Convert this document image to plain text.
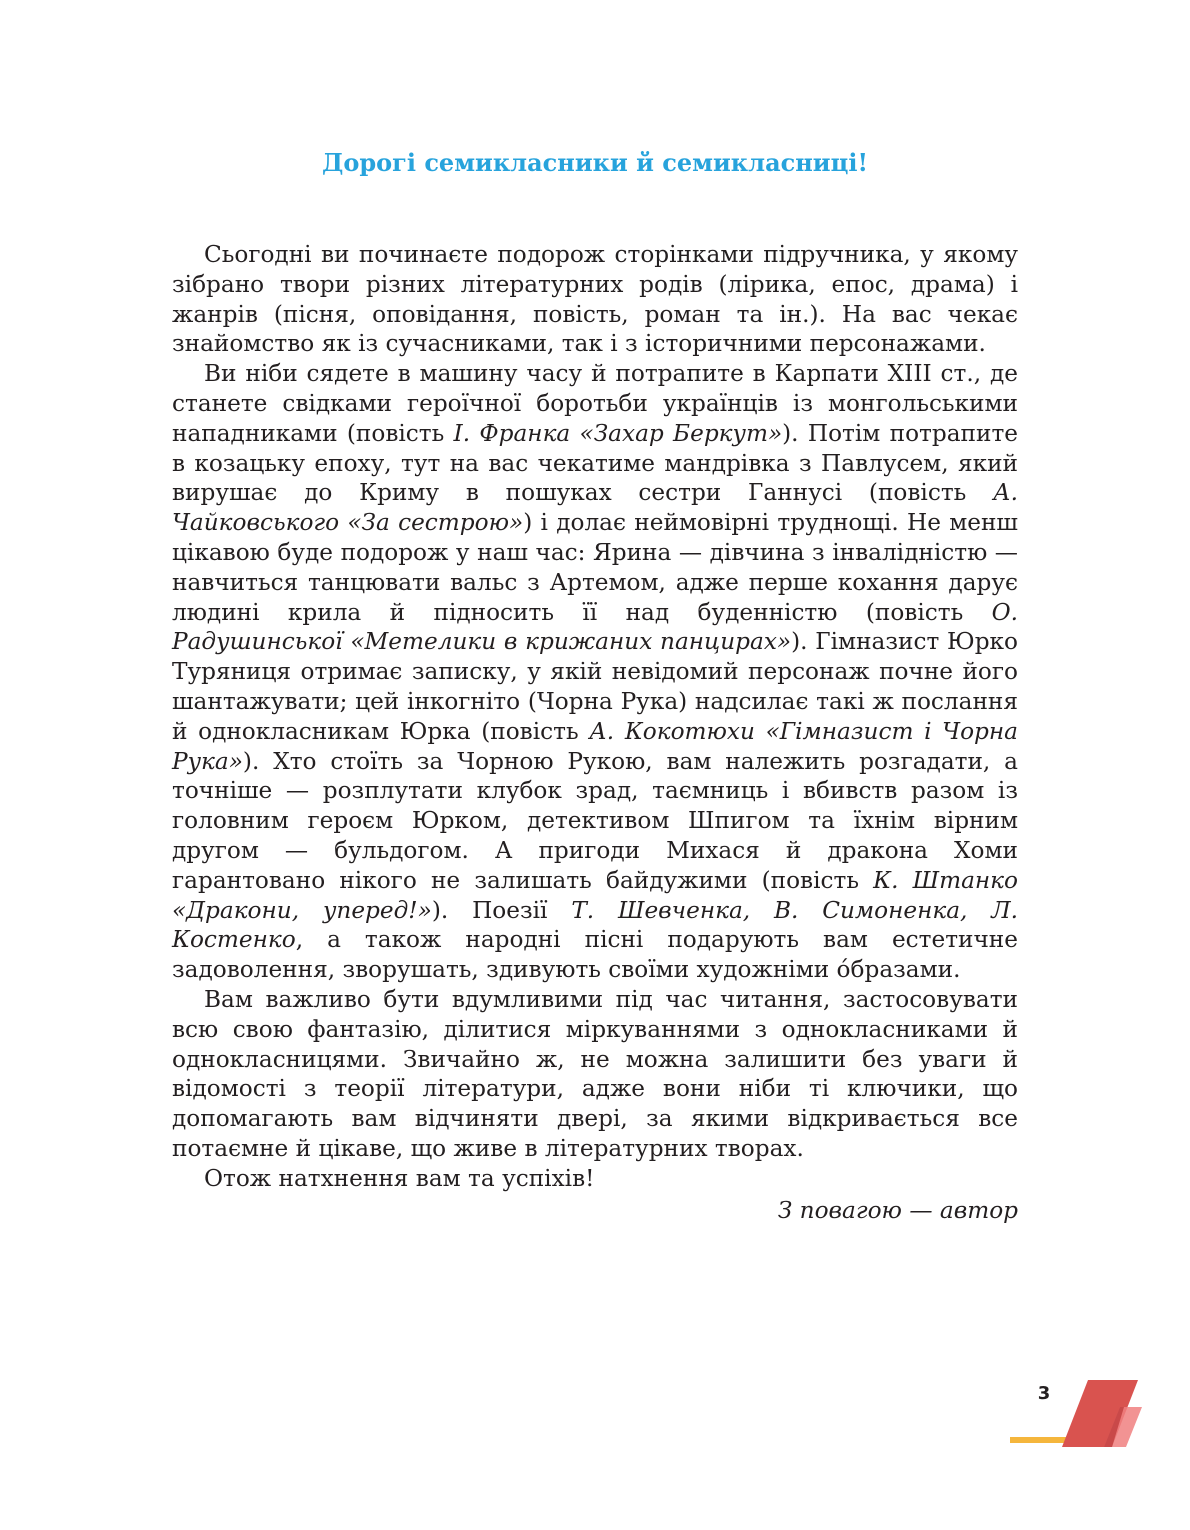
Дорогі семикласники й семикласниці!

Сьогодні ви починаєте подорож сторінками підручника, у якому зібрано твори різних літературних родів (лірика, епос, драма) і жанрів (пісня, оповідання, повість, роман та ін.). На вас чекає знайомство як із сучасниками, так і з історичними персонажами.

Ви ніби сядете в машину часу й потрапите в Карпати XIII ст., де станете свідками героїчної боротьби українців із монгольськими нападниками (повість І. Франка «Захар Беркут»). Потім потрапите в козацьку епоху, тут на вас чекатиме мандрівка з Павлусем, який вирушає до Криму в пошуках сестри Ганнусі (повість А. Чайковського «За сестрою») і долає неймовірні труднощі. Не менш цікавою буде подорож у наш час: Ярина — дівчина з інвалідністю — навчиться танцювати вальс з Артемом, адже перше кохання дарує людині крила й підносить її над буденністю (повість О. Радушинської «Метелики в крижаних панцирах»). Гімназист Юрко Туряниця отримає записку, у якій невідомий персонаж почне його шантажувати; цей інкогніто (Чорна Рука) надсилає такі ж послання й однокласникам Юрка (повість А. Кокотюхи «Гімназист і Чорна Рука»). Хто стоїть за Чорною Рукою, вам належить розгадати, а точніше — розплутати клубок зрад, таємниць і вбивств разом із головним героєм Юрком, детективом Шпигом та їхнім вірним другом — бульдогом. А пригоди Михася й дракона Хоми гарантовано нікого не залишать байдужими (повість К. Штанко «Дракони, уперед!»). Поезії Т. Шевченка, В. Симоненка, Л. Костенко, а також народні пісні подарують вам естетичне задоволення, зворушать, здивують своїми художніми óбразами.

Вам важливо бути вдумливими під час читання, застосовувати всю свою фантазію, ділитися міркуваннями з однокласниками й однокласницями. Звичайно ж, не можна залишити без уваги й відомості з теорії літератури, адже вони ніби ті ключики, що допомагають вам відчиняти двері, за якими відкривається все потаємне й цікаве, що живе в літературних творах.

Отож натхнення вам та успіхів!

З повагою — автор

3
